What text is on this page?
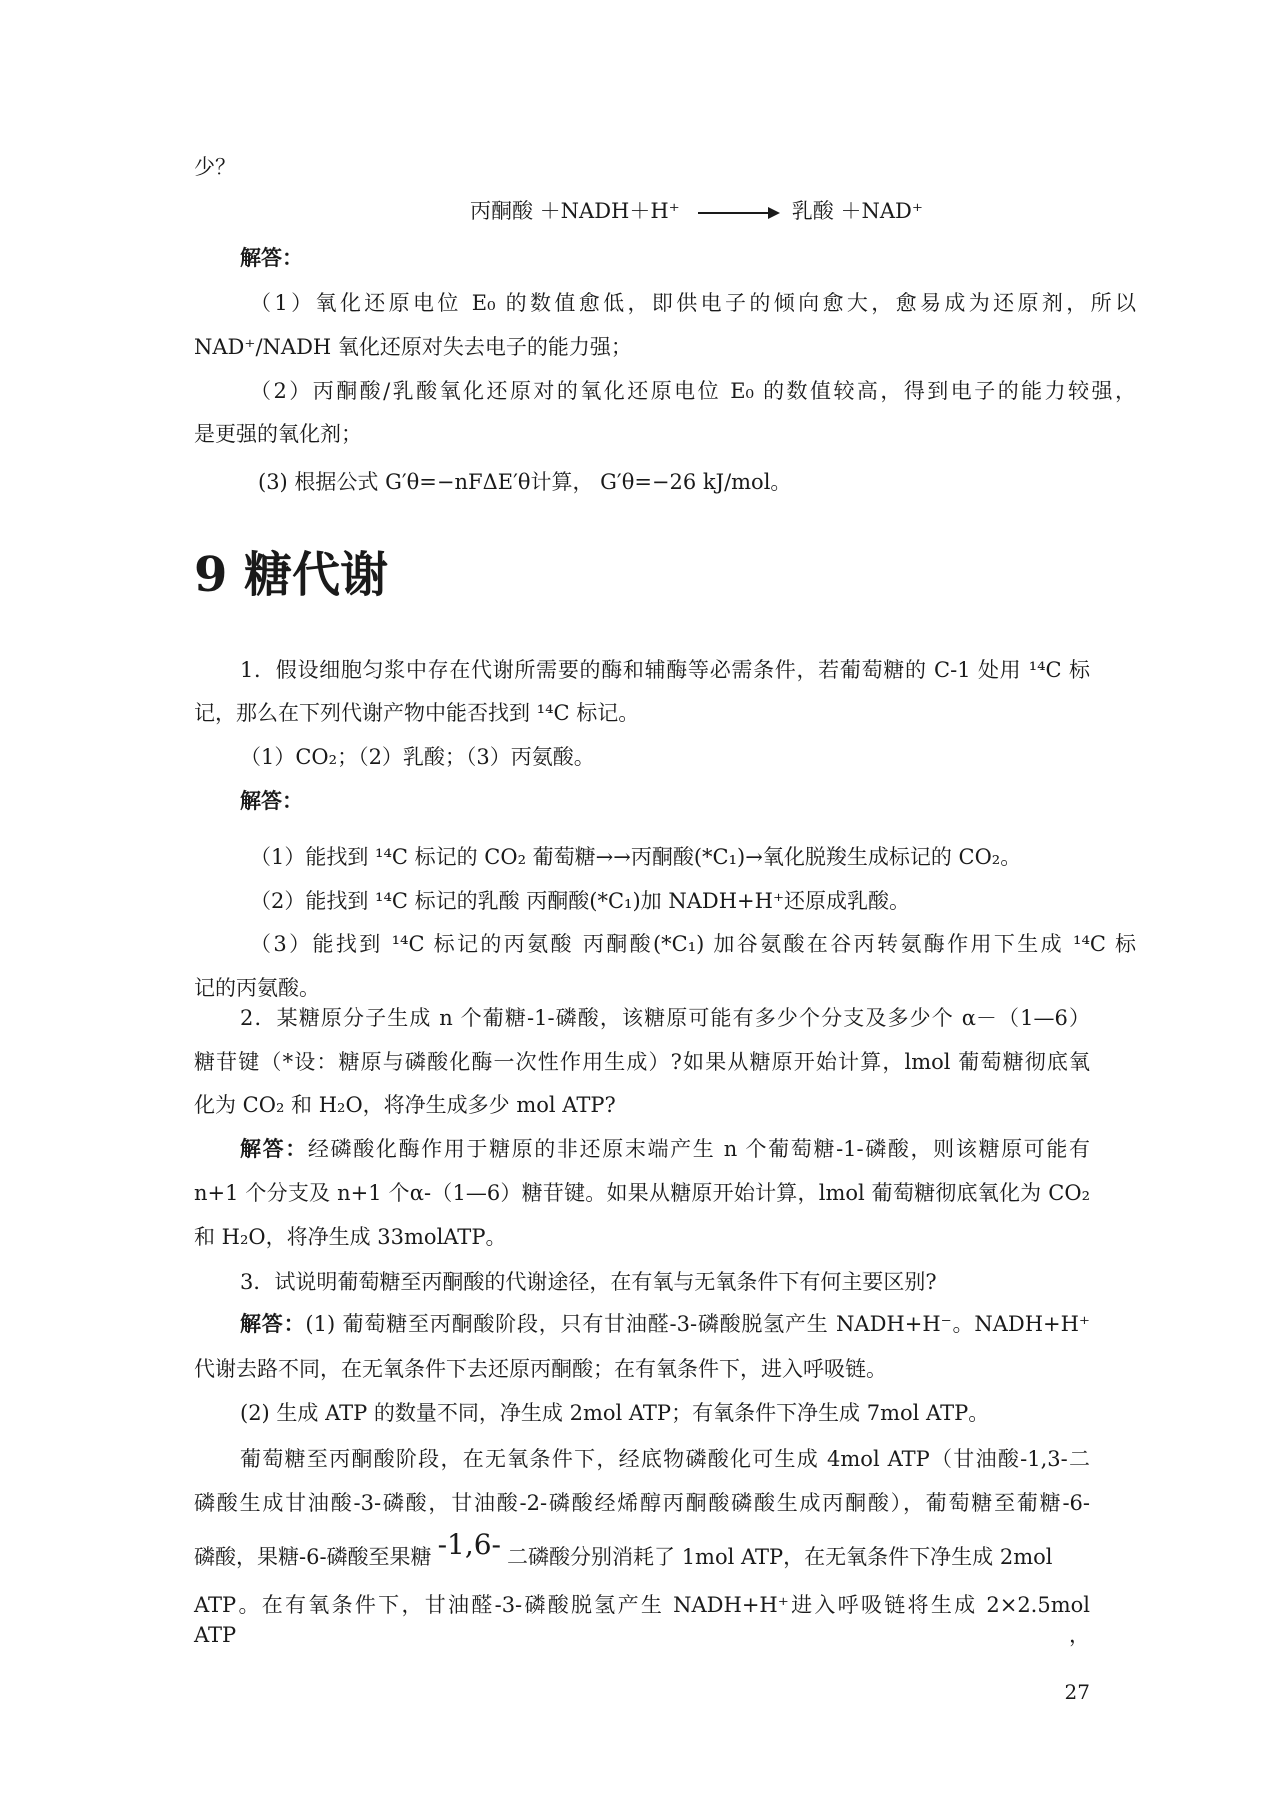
少？
丙酮酸 ＋NADH＋H⁺ → 乳酸 ＋NAD⁺
解答：
（1）氧化还原电位 E₀ 的数值愈低，即供电子的倾向愈大，愈易成为还原剂，所以
NAD⁺/NADH 氧化还原对失去电子的能力强；
（2）丙酮酸/乳酸氧化还原对的氧化还原电位 E₀ 的数值较高，得到电子的能力较强，
是更强的氧化剂；
(3) 根据公式 G′θ=−nFΔE′θ计算， G′θ=−26 kJ/mol。
9 糖代谢
1．假设细胞匀浆中存在代谢所需要的酶和辅酶等必需条件，若葡萄糖的 C-1 处用 ¹⁴C 标
记，那么在下列代谢产物中能否找到 ¹⁴C 标记。
（1）CO₂；（2）乳酸；（3）丙氨酸。
解答：
（1）能找到 ¹⁴C 标记的 CO₂ 葡萄糖→→丙酮酸(*C₁)→氧化脱羧生成标记的 CO₂。
（2）能找到 ¹⁴C 标记的乳酸 丙酮酸(*C₁)加 NADH+H⁺还原成乳酸。
（3）能找到 ¹⁴C 标记的丙氨酸 丙酮酸(*C₁) 加谷氨酸在谷丙转氨酶作用下生成 ¹⁴C 标
记的丙氨酸。
2．某糖原分子生成 n 个葡糖-1-磷酸，该糖原可能有多少个分支及多少个 α－（1—6）
糖苷键（*设：糖原与磷酸化酶一次性作用生成）?如果从糖原开始计算，lmol 葡萄糖彻底氧
化为 CO₂ 和 H₂O，将净生成多少 mol ATP?
解答：经磷酸化酶作用于糖原的非还原末端产生 n 个葡萄糖-1-磷酸，则该糖原可能有
n+1 个分支及 n+1 个α-（1—6）糖苷键。如果从糖原开始计算，lmol 葡萄糖彻底氧化为 CO₂
和 H₂O，将净生成 33molATP。
3．试说明葡萄糖至丙酮酸的代谢途径，在有氧与无氧条件下有何主要区别?
解答：(1) 葡萄糖至丙酮酸阶段，只有甘油醛-3-磷酸脱氢产生 NADH+H⁻。NADH+H⁺
代谢去路不同，在无氧条件下去还原丙酮酸；在有氧条件下，进入呼吸链。
(2) 生成 ATP 的数量不同，净生成 2mol ATP；有氧条件下净生成 7mol ATP。
葡萄糖至丙酮酸阶段，在无氧条件下，经底物磷酸化可生成 4mol ATP（甘油酸-1,3-二
磷酸生成甘油酸-3-磷酸，甘油酸-2-磷酸经烯醇丙酮酸磷酸生成丙酮酸），葡萄糖至葡糖-6-
磷酸，果糖-6-磷酸至果糖 -1,6- 二磷酸分别消耗了 1mol ATP，在无氧条件下净生成 2mol
ATP。在有氧条件下，甘油醛-3-磷酸脱氢产生 NADH+H⁺进入呼吸链将生成 2×2.5mol ATP，
27
